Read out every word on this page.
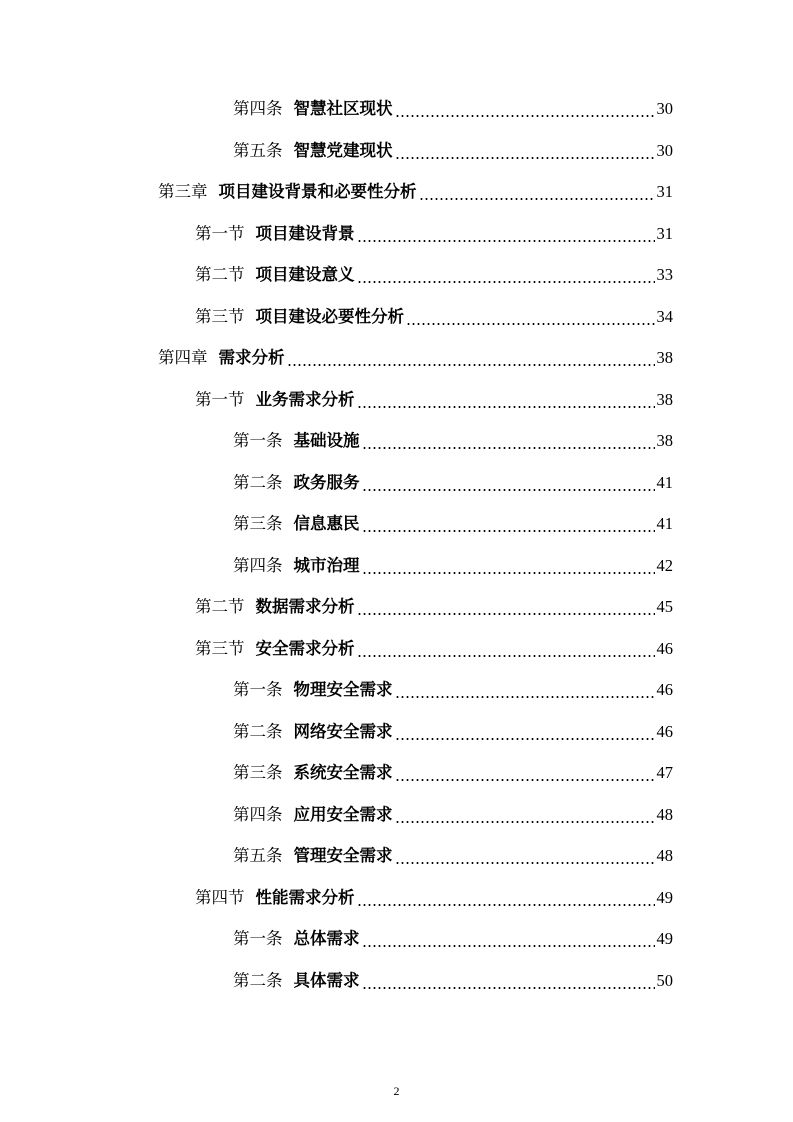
第四条 智慧社区现状	30
第五条 智慧党建现状	30
第三章 项目建设背景和必要性分析	31
第一节 项目建设背景	31
第二节 项目建设意义	33
第三节 项目建设必要性分析	34
第四章 需求分析	38
第一节 业务需求分析	38
第一条 基础设施	38
第二条 政务服务	41
第三条 信息惠民	41
第四条 城市治理	42
第二节 数据需求分析	45
第三节 安全需求分析	46
第一条 物理安全需求	46
第二条 网络安全需求	46
第三条 系统安全需求	47
第四条 应用安全需求	48
第五条 管理安全需求	48
第四节 性能需求分析	49
第一条 总体需求	49
第二条 具体需求	50
2
